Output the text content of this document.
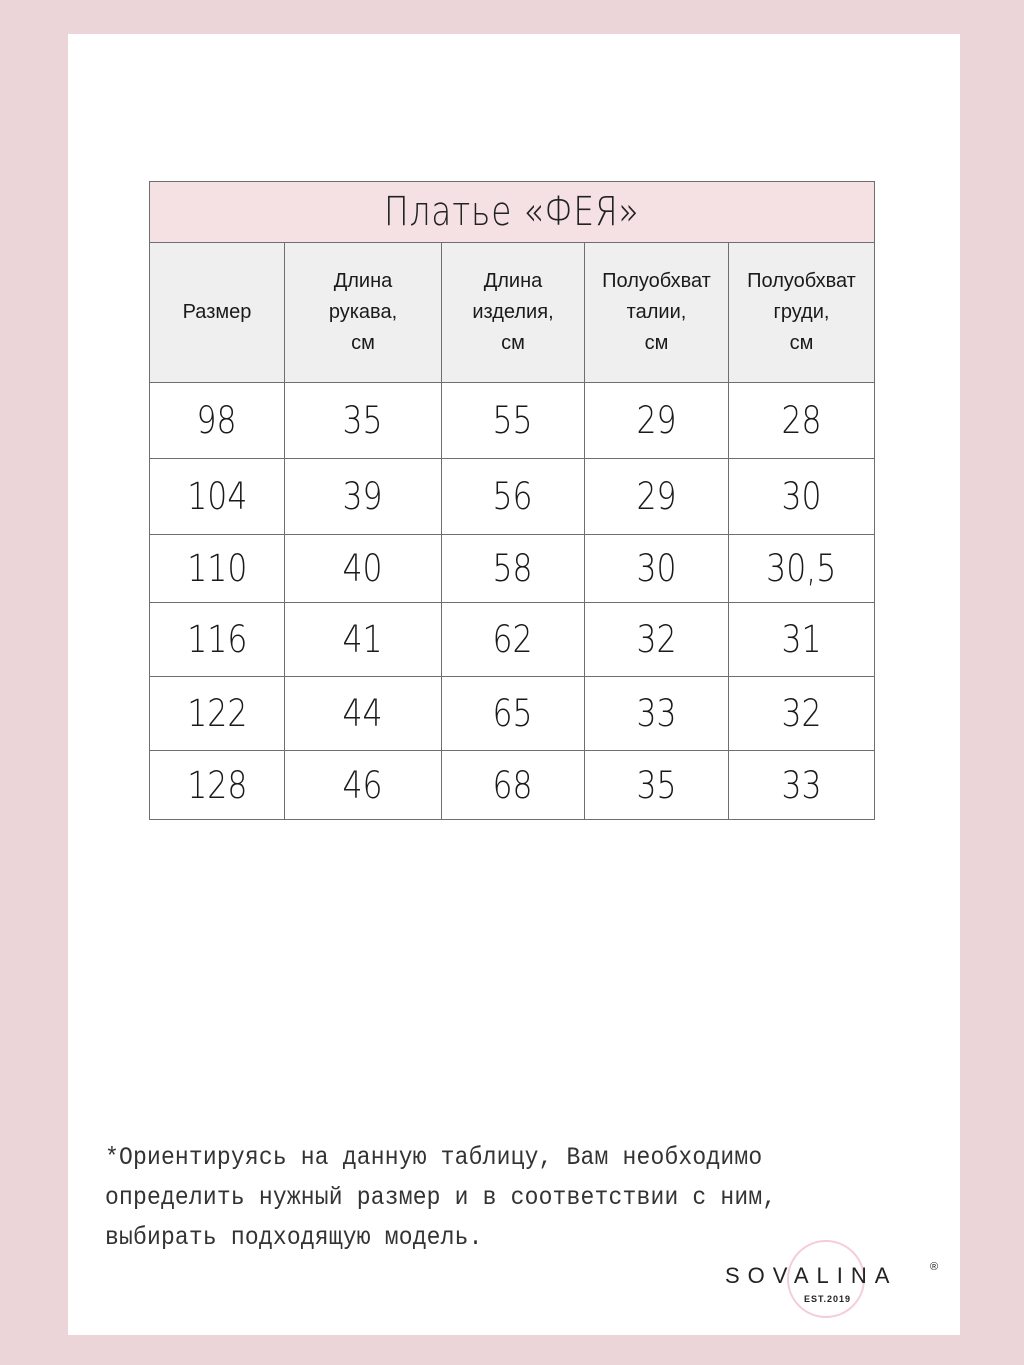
Платье «ФЕЯ»				

Размер	Длина
рукава,
см	Длина
изделия,
см	Полуобхват
талии,
см	Полуобхват
груди,
см

98	35	55	29	28
104	39	56	29	30
110	40	58	30	30,5
116	41	62	32	31
122	44	65	33	32
128	46	68	35	33
*Ориентируясь на данную таблицу, Вам необходимо
определить нужный размер и в соответствии с ним,
выбирать подходящую модель.
SOVALINA	®
EST.2019
